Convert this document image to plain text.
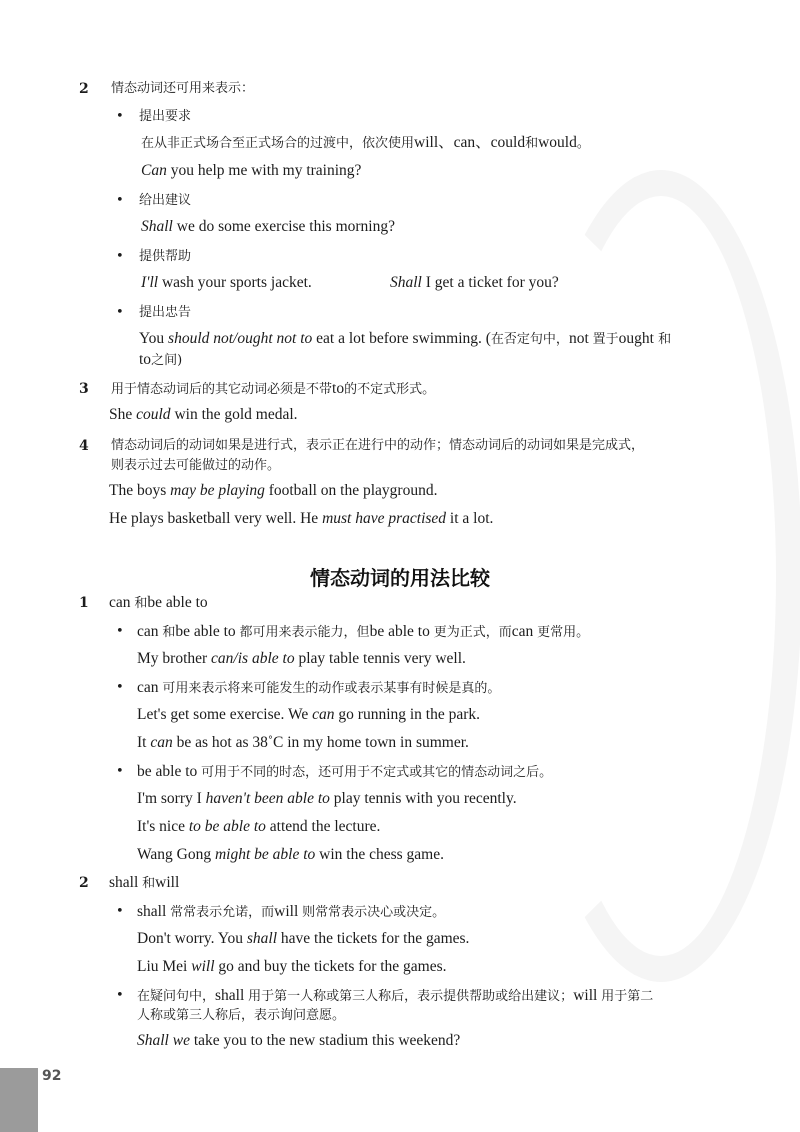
2 情态动词还可用来表示：
• 提出要求
在从非正式场合至正式场合的过渡中，依次使用will、can、could和would。
Can you help me with my training?
• 给出建议
Shall we do some exercise this morning?
• 提供帮助
I'll wash your sports jacket.	Shall I get a ticket for you?
• 提出忠告
You should not/ought not to eat a lot before swimming. (在否定句中，not 置于ought 和
to之间)
3 用于情态动词后的其它动词必须是不带to的不定式形式。
She could win the gold medal.
4 情态动词后的动词如果是进行式，表示正在进行中的动作；情态动词后的动词如果是完成式，
则表示过去可能做过的动作。
The boys may be playing football on the playground.
He plays basketball very well. He must have practised it a lot.
情态动词的用法比较
1 can 和be able to
• can 和be able to 都可用来表示能力，但be able to 更为正式，而can 更常用。
My brother can/is able to play table tennis very well.
• can 可用来表示将来可能发生的动作或表示某事有时候是真的。
Let's get some exercise. We can go running in the park.
It can be as hot as 38˚C in my home town in summer.
• be able to 可用于不同的时态，还可用于不定式或其它的情态动词之后。
I'm sorry I haven't been able to play tennis with you recently.
It's nice to be able to attend the lecture.
Wang Gong might be able to win the chess game.
2 shall 和will
• shall 常常表示允诺，而will 则常常表示决心或决定。
Don't worry. You shall have the tickets for the games.
Liu Mei will go and buy the tickets for the games.
• 在疑问句中，shall 用于第一人称或第三人称后，表示提供帮助或给出建议；will 用于第二
人称或第三人称后，表示询问意愿。
Shall we take you to the new stadium this weekend?
92
